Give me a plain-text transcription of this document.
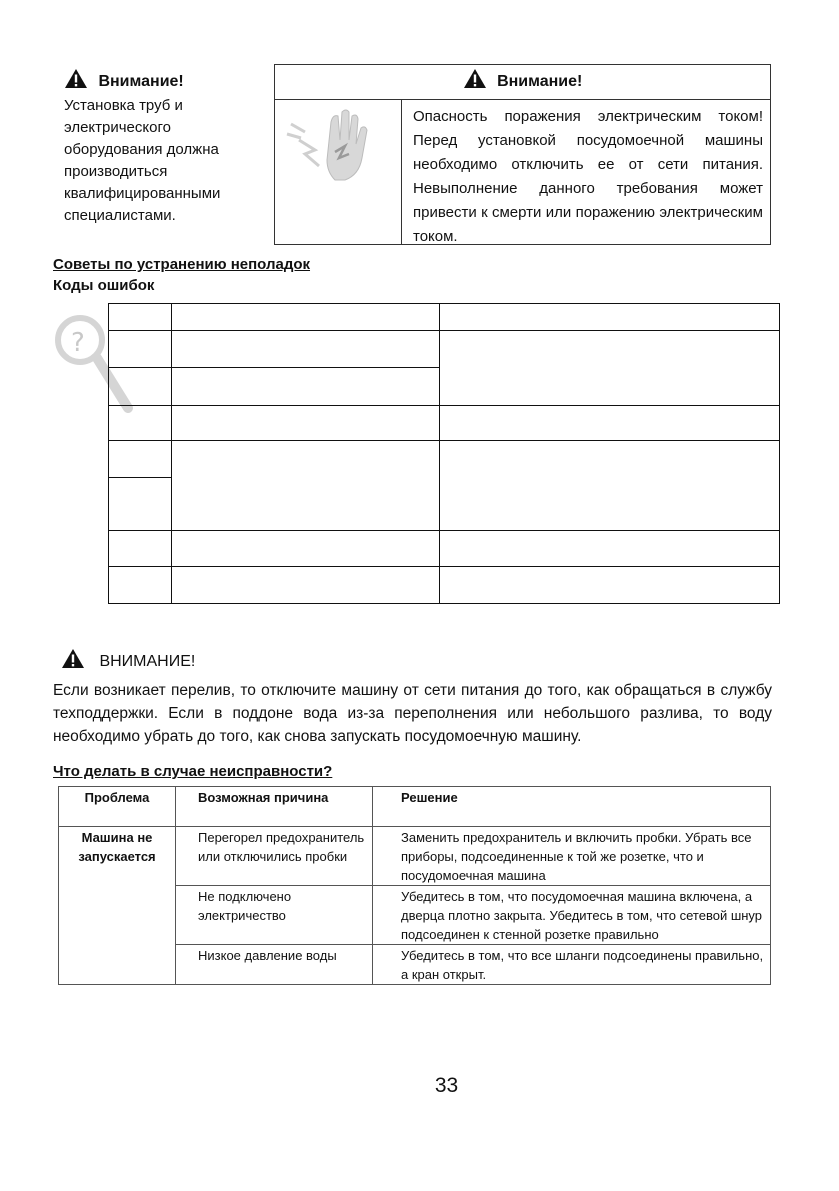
Внимание!
Установка труб и
электрического
оборудования должна
производиться
квалифицированными
специалистами.
Внимание!
Опасность поражения электрическим током! Перед установкой посудомоечной машины необходимо отключить ее от сети питания. Невыполнение данного требования может привести к смерти или поражению электрическим током.
Советы по устранению неполадок
Коды ошибок
?
ВНИМАНИЕ!
Если возникает перелив, то отключите машину от сети питания до того, как обращаться в службу техподдержки. Если в поддоне вода из-за переполнения или небольшого разлива, то воду необходимо убрать до того, как снова запускать посудомоечную машину.
Что делать в случае неисправности?
Проблема	Возможная причина	Решение
Машина не запускается	Перегорел предохранитель или отключились пробки	Заменить предохранитель и включить пробки. Убрать все приборы, подсоединенные к той же розетке, что и посудомоечная машина
	Не подключено электричество	Убедитесь в том, что посудомоечная машина включена, а дверца плотно закрыта. Убедитесь в том, что сетевой шнур подсоединен к стенной розетке правильно
	Низкое давление воды	Убедитесь в том, что все шланги подсоединены правильно, а кран открыт.
33
